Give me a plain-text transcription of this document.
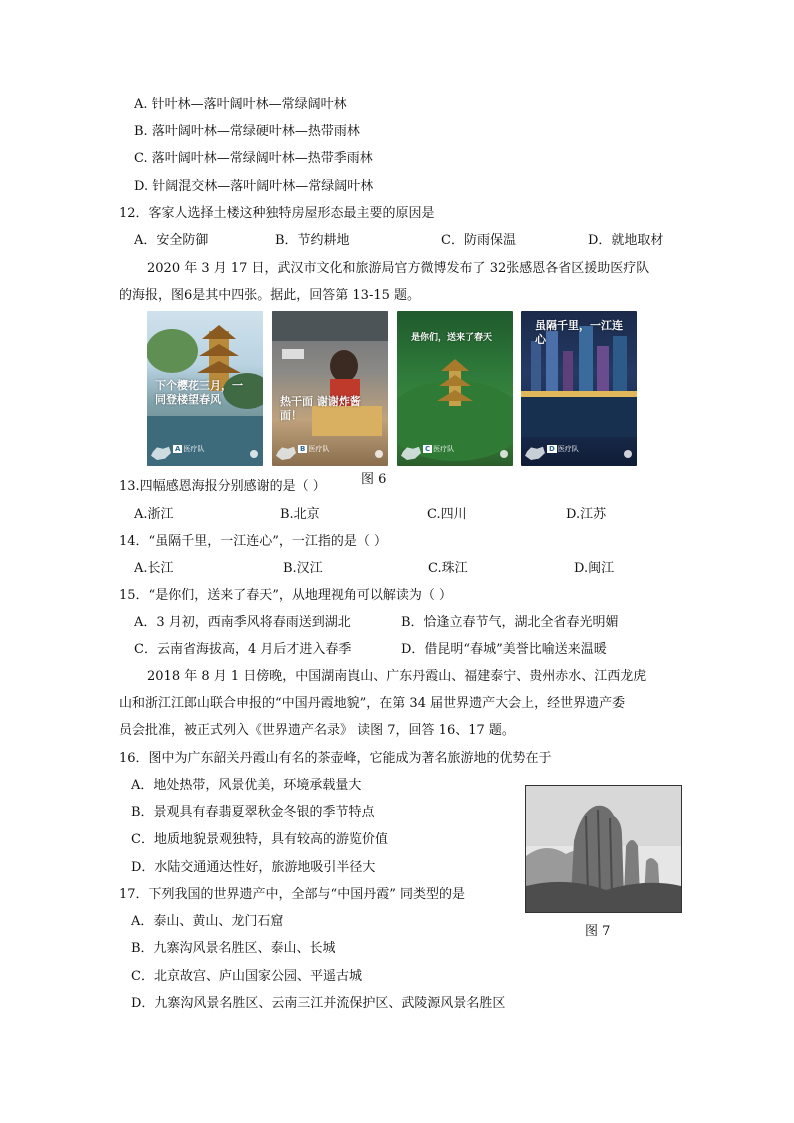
A. 针叶林—落叶阔叶林—常绿阔叶林
B. 落叶阔叶林—常绿硬叶林—热带雨林
C. 落叶阔叶林—常绿阔叶林—热带季雨林
D. 针阔混交林—落叶阔叶林—常绿阔叶林
12．客家人选择土楼这种独特房屋形态最主要的原因是
A．安全防御	B．节约耕地	C．防雨保温	D．就地取材
2020 年 3 月 17 日，武汉市文化和旅游局官方微博发布了 32张感恩各省区援助医疗队
的海报，图6是其中四张。据此，回答第 13-15 题。
下个樱花三月，一同登楼望春风
A 医疗队
热干面 谢谢炸酱面！
B 医疗队
是你们，送来了春天
C 医疗队
虽隔千里，一江连心
D 医疗队
图 6
13.四幅感恩海报分别感谢的是（ ）
A.浙江	B.北京	C.四川	D.江苏
14．“虽隔千里，一江连心”，一江指的是（ ）
A.长江	B.汉江	C.珠江	D.闽江
15．“是你们，送来了春天”，从地理视角可以解读为（ ）
A．3 月初，西南季风将春雨送到湖北	B．恰逢立春节气，湖北全省春光明媚
C．云南省海拔高，4 月后才进入春季	D．借昆明“春城”美誉比喻送来温暖
2018 年 8 月 1 日傍晚，中国湖南崀山、广东丹霞山、福建泰宁、贵州赤水、江西龙虎
山和浙江江郎山联合申报的“中国丹霞地貌”，在第 34 届世界遗产大会上，经世界遗产委
员会批准，被正式列入《世界遗产名录》 读图 7，回答 16、17 题。
16．图中为广东韶关丹霞山有名的茶壶峰，它能成为著名旅游地的优势在于
A．地处热带，风景优美，环境承载量大
B．景观具有春翡夏翠秋金冬银的季节特点
C．地质地貌景观独特，具有较高的游览价值
D．水陆交通通达性好，旅游地吸引半径大
图 7
17．下列我国的世界遗产中，全部与“中国丹霞” 同类型的是
A．泰山、黄山、龙门石窟
B．九寨沟风景名胜区、泰山、长城
C．北京故宫、庐山国家公园、平遥古城
D．九寨沟风景名胜区、云南三江并流保护区、武陵源风景名胜区
